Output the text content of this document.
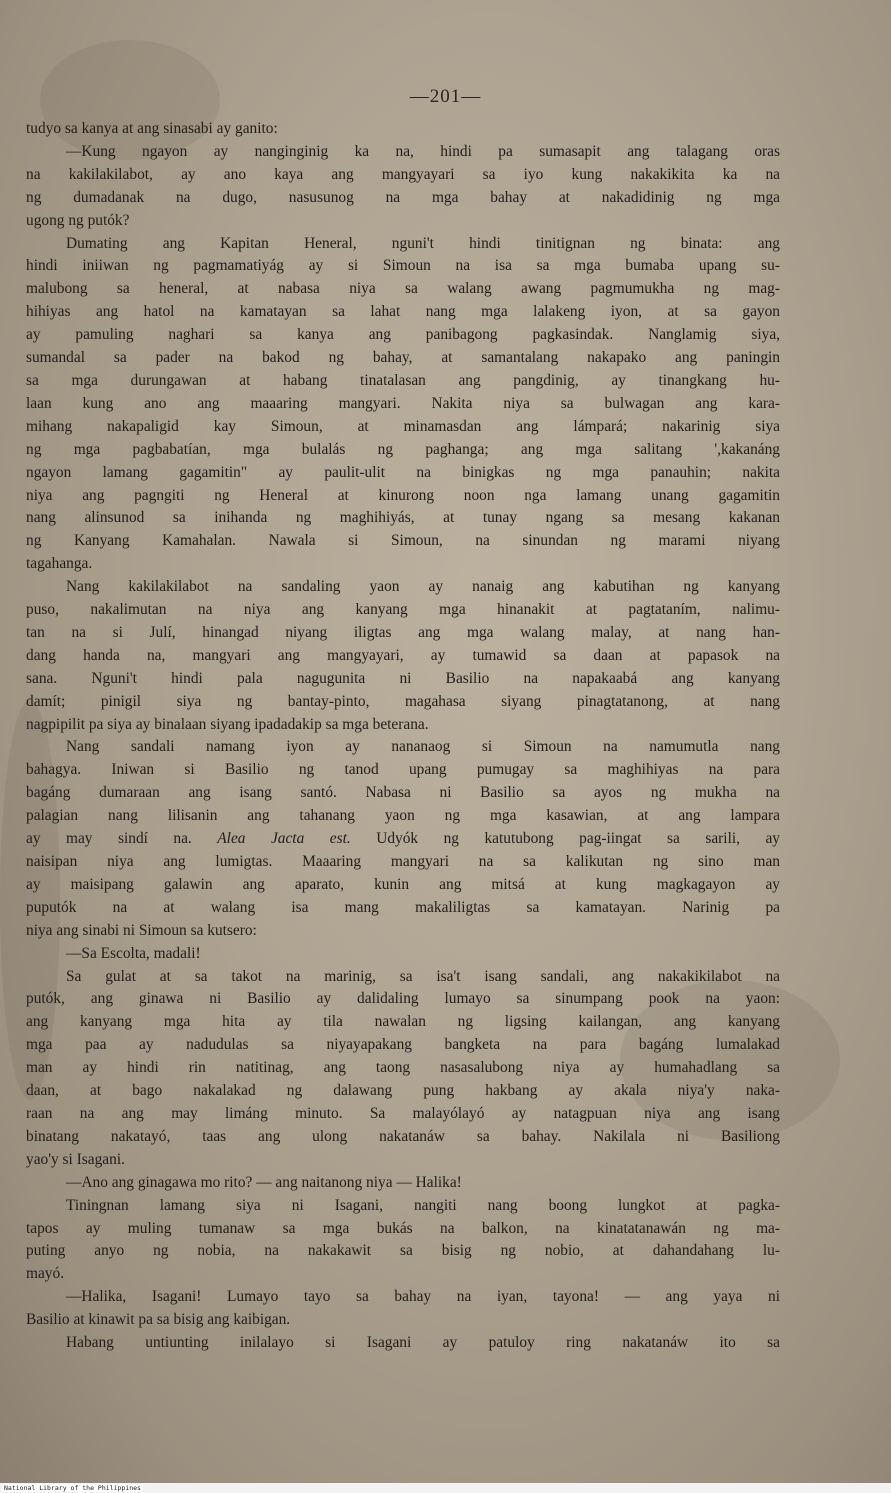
—201—
tudyo sa kanya at ang sinasabi ay ganito:
—Kung ngayon ay nanginginig ka na, hindi pa sumasapit ang talagang oras
na kakilakilabot, ay ano kaya ang mangyayari sa iyo kung nakakikita ka na
ng dumadanak na dugo, nasusunog na mga bahay at nakadidinig ng mga
ugong ng putók?
Dumating ang Kapitan Heneral, nguni't hindi tinitignan ng binata: ang
hindi iniiwan ng pagmamatiyág ay si Simoun na isa sa mga bumaba upang su-
malubong sa heneral, at nabasa niya sa walang awang pagmumukha ng mag-
hihiyas ang hatol na kamatayan sa lahat nang mga lalakeng iyon, at sa gayon
ay pamuling naghari sa kanya ang panibagong pagkasindak. Nanglamig siya,
sumandal sa pader na bakod ng bahay, at samantalang nakapako ang paningin
sa mga durungawan at habang tinatalasan ang pangdinig, ay tinangkang hu-
laan kung ano ang maaaring mangyari. Nakita niya sa bulwagan ang kara-
mihang nakapaligid kay Simoun, at minamasdan ang lámpará; nakarinig siya
ng mga pagbabatían, mga bulalás ng paghanga; ang mga salitang ',kakanáng
ngayon lamang gagamitin" ay paulit-ulit na binigkas ng mga panauhin; nakita
niya ang pagngiti ng Heneral at kinurong noon nga lamang unang gagamitin
nang alinsunod sa inihanda ng maghihiyás, at tunay ngang sa mesang kakanan
ng Kanyang Kamahalan. Nawala si Simoun, na sinundan ng marami niyang
tagahanga.
Nang kakilakilabot na sandaling yaon ay nanaig ang kabutihan ng kanyang
puso, nakalimutan na niya ang kanyang mga hinanakit at pagtataním, nalimu-
tan na si Julí, hinangad niyang iligtas ang mga walang malay, at nang han-
dang handa na, mangyari ang mangyayari, ay tumawid sa daan at papasok na
sana. Nguni't hindi pala nagugunita ni Basilio na napakaabá ang kanyang
damít; pinigil siya ng bantay-pinto, magahasa siyang pinagtatanong, at nang
nagpipilit pa siya ay binalaan siyang ipadadakip sa mga beterana.
Nang sandali namang iyon ay nananaog si Simoun na namumutla nang
bahagya. Iniwan si Basilio ng tanod upang pumugay sa maghihiyas na para
bagáng dumaraan ang isang santó. Nabasa ni Basilio sa ayos ng mukha na
palagian nang lilisanin ang tahanang yaon ng mga kasawian, at ang lampara
ay may sindí na. Alea Jacta est. Udyók ng katutubong pag-iingat sa sarili, ay
naisipan niya ang lumigtas. Maaaring mangyari na sa kalikutan ng sino man
ay maisipang galawin ang aparato, kunin ang mitsá at kung magkagayon ay
puputók na at walang isa mang makaliligtas sa kamatayan. Narinig pa
niya ang sinabi ni Simoun sa kutsero:
—Sa Escolta, madali!
Sa gulat at sa takot na marinig, sa isa't isang sandali, ang nakakikilabot na
putók, ang ginawa ni Basilio ay dalidaling lumayo sa sinumpang pook na yaon:
ang kanyang mga hita ay tila nawalan ng ligsing kailangan, ang kanyang
mga paa ay nadudulas sa niyayapakang bangketa na para bagáng lumalakad
man ay hindi rin natitinag, ang taong nasasalubong niya ay humahadlang sa
daan, at bago nakalakad ng dalawang pung hakbang ay akala niya'y naka-
raan na ang may limáng minuto. Sa malayólayó ay natagpuan niya ang isang
binatang nakatayó, taas ang ulong nakatanáw sa bahay. Nakilala ni Basiliong
yao'y si Isagani.
—Ano ang ginagawa mo rito? — ang naitanong niya — Halika!
Tiningnan lamang siya ni Isagani, nangiti nang boong lungkot at pagka-
tapos ay muling tumanaw sa mga bukás na balkon, na kinatatanawán ng ma-
puting anyo ng nobia, na nakakawit sa bisig ng nobio, at dahandahang lu-
mayó.
—Halika, Isagani! Lumayo tayo sa bahay na iyan, tayona! — ang yaya ni
Basilio at kinawit pa sa bisig ang kaibigan.
Habang untiunting inilalayo si Isagani ay patuloy ring nakatanáw ito sa
National Library of the Philippines
